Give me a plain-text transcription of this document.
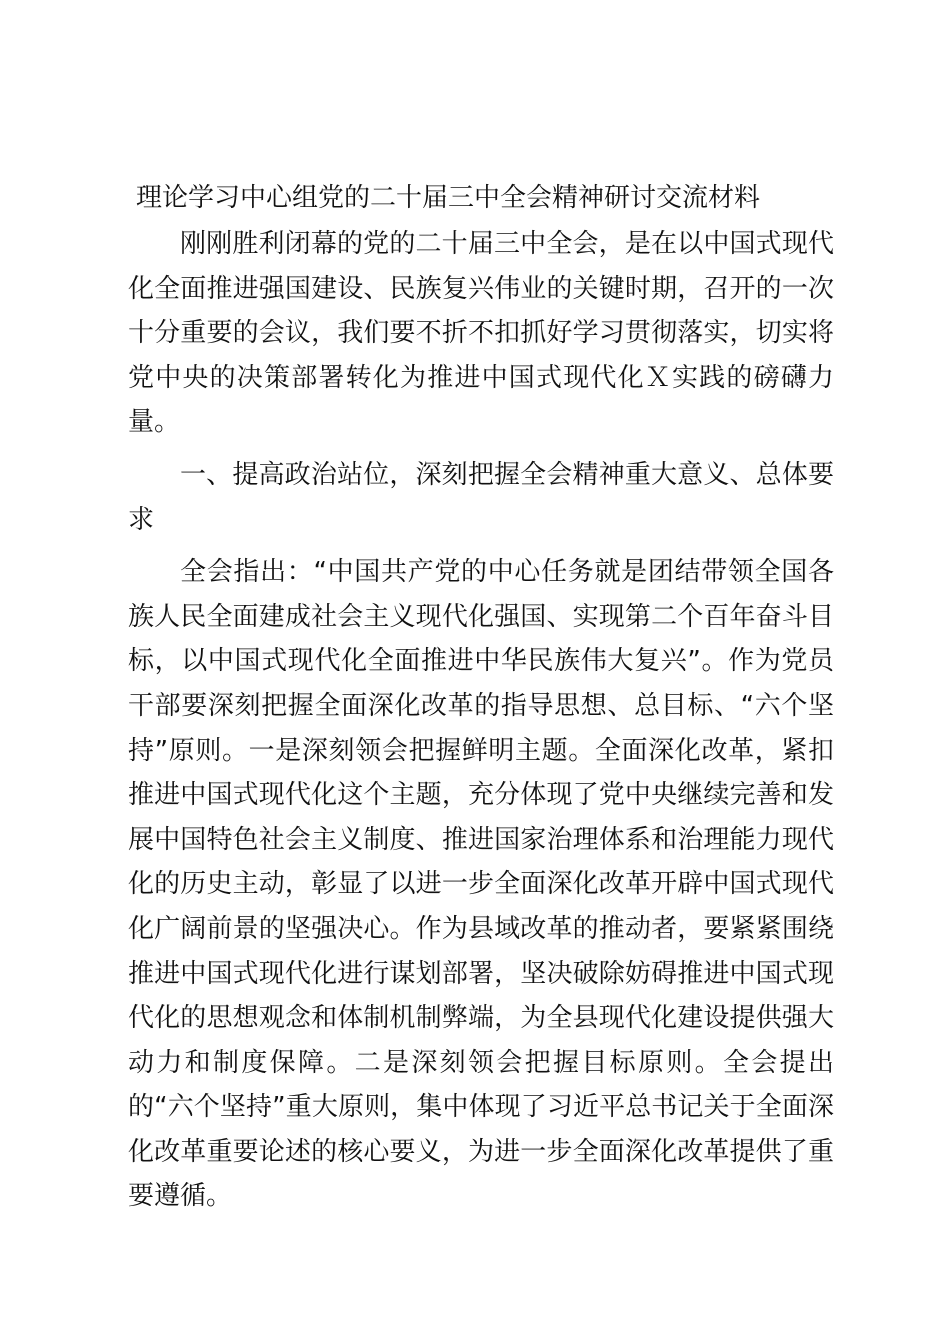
理论学习中心组党的二十届三中全会精神研讨交流材料

刚刚胜利闭幕的党的二十届三中全会，是在以中国式现代化全面推进强国建设、民族复兴伟业的关键时期，召开的一次十分重要的会议，我们要不折不扣抓好学习贯彻落实，切实将党中央的决策部署转化为推进中国式现代化Ｘ实践的磅礴力量。

一、提高政治站位，深刻把握全会精神重大意义、总体要求

全会指出：“中国共产党的中心任务就是团结带领全国各族人民全面建成社会主义现代化强国、实现第二个百年奋斗目标，以中国式现代化全面推进中华民族伟大复兴”。作为党员干部要深刻把握全面深化改革的指导思想、总目标、“六个坚持”原则。一是深刻领会把握鲜明主题。全面深化改革，紧扣推进中国式现代化这个主题，充分体现了党中央继续完善和发展中国特色社会主义制度、推进国家治理体系和治理能力现代化的历史主动，彰显了以进一步全面深化改革开辟中国式现代化广阔前景的坚强决心。作为县域改革的推动者，要紧紧围绕推进中国式现代化进行谋划部署，坚决破除妨碍推进中国式现代化的思想观念和体制机制弊端，为全县现代化建设提供强大动力和制度保障。二是深刻领会把握目标原则。全会提出的“六个坚持”重大原则，集中体现了习近平总书记关于全面深化改革重要论述的核心要义，为进一步全面深化改革提供了重要遵循。
